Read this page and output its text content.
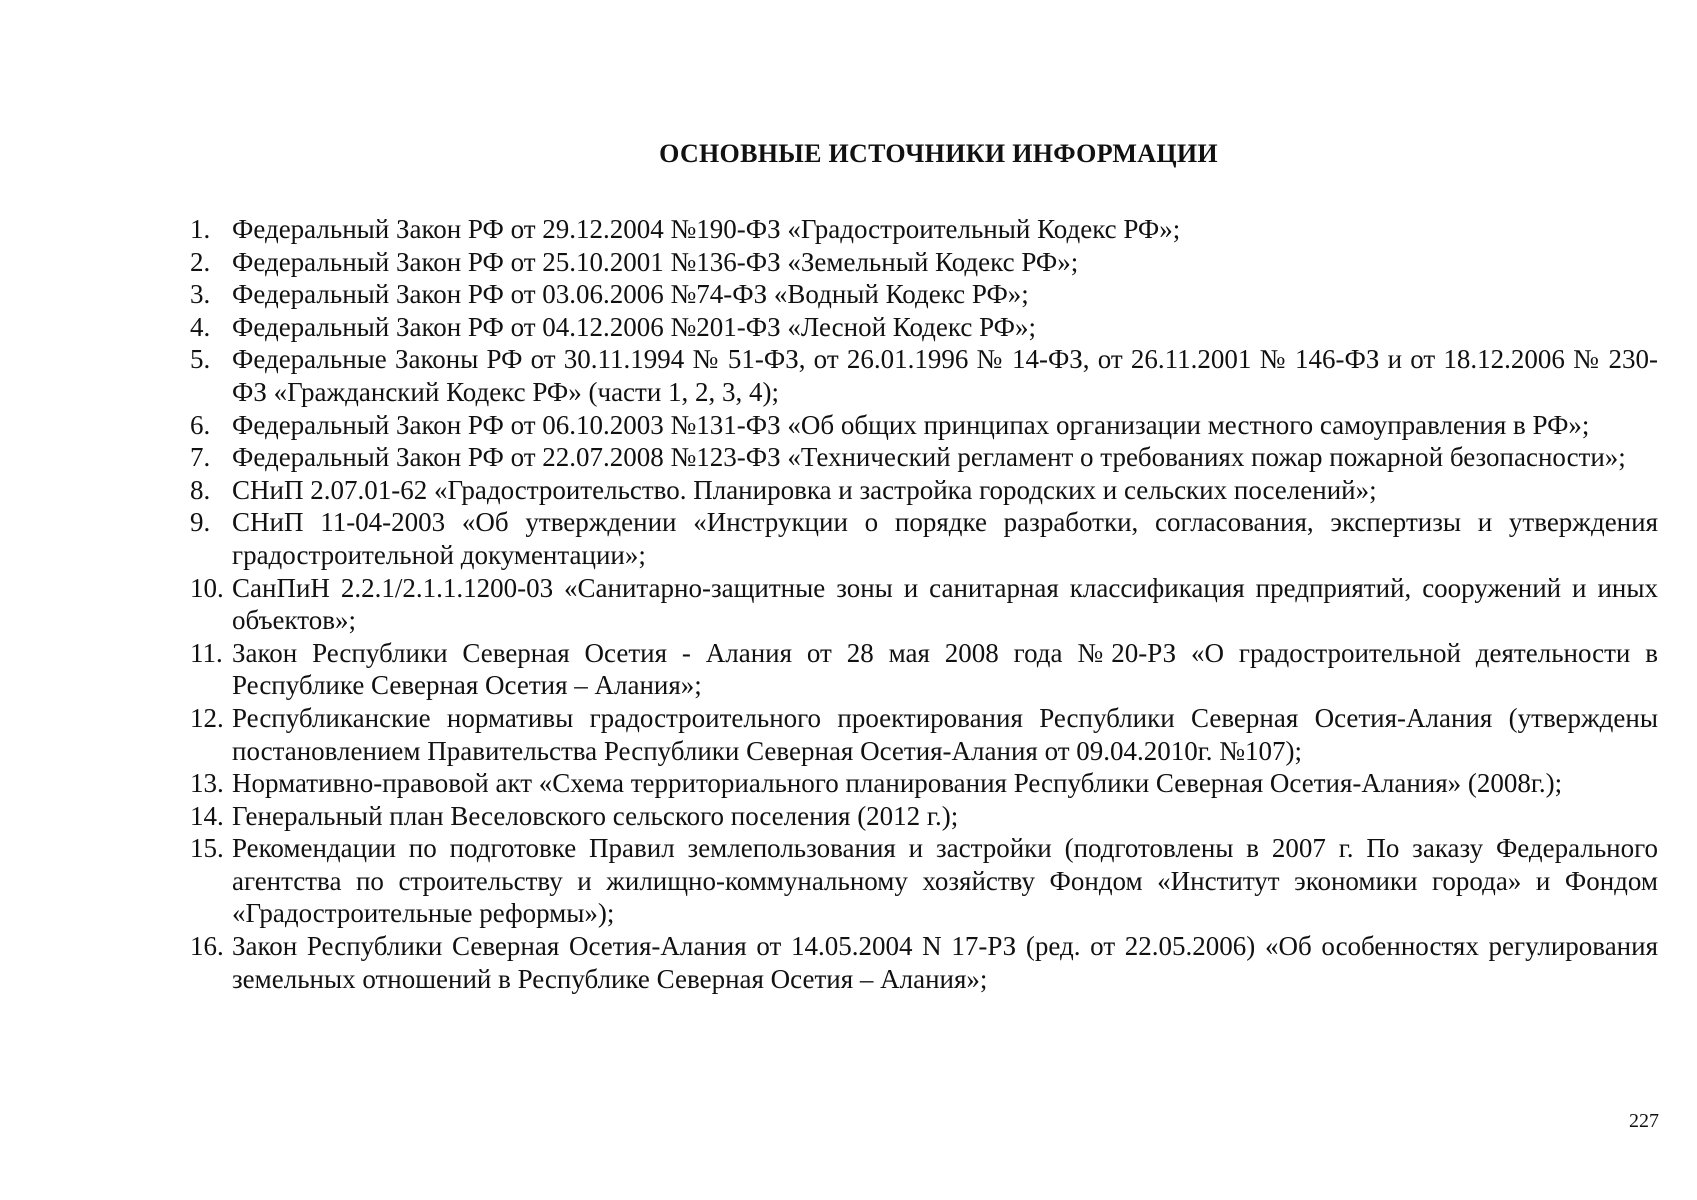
ОСНОВНЫЕ ИСТОЧНИКИ ИНФОРМАЦИИ
1. Федеральный Закон РФ от 29.12.2004 №190-ФЗ «Градостроительный Кодекс РФ»;
2. Федеральный Закон РФ от 25.10.2001 №136-ФЗ «Земельный Кодекс РФ»;
3. Федеральный Закон РФ от 03.06.2006 №74-ФЗ «Водный Кодекс РФ»;
4. Федеральный Закон РФ от 04.12.2006 №201-ФЗ «Лесной Кодекс РФ»;
5. Федеральные Законы РФ от 30.11.1994 № 51-ФЗ, от 26.01.1996 № 14-ФЗ, от 26.11.2001 № 146-ФЗ и от 18.12.2006 № 230-ФЗ «Гражданский Кодекс РФ» (части 1, 2, 3, 4);
6. Федеральный Закон РФ от 06.10.2003 №131-ФЗ «Об общих принципах организации местного самоуправления в РФ»;
7. Федеральный Закон РФ от 22.07.2008 №123-ФЗ «Технический регламент о требованиях пожар пожарной безопасности»;
8. СНиП 2.07.01-62 «Градостроительство. Планировка и застройка городских и сельских поселений»;
9. СНиП 11-04-2003 «Об утверждении «Инструкции о порядке разработки, согласования, экспертизы и утверждения градостроительной документации»;
10. СанПиН 2.2.1/2.1.1.1200-03 «Санитарно-защитные зоны и санитарная классификация предприятий, сооружений и иных объектов»;
11. Закон Республики Северная Осетия - Алания от 28 мая 2008 года №20-РЗ «О градостроительной деятельности в Республике Северная Осетия – Алания»;
12. Республиканские нормативы градостроительного проектирования Республики Северная Осетия-Алания (утверждены постановлением Правительства Республики Северная Осетия-Алания от 09.04.2010г. №107);
13. Нормативно-правовой акт «Схема территориального планирования Республики Северная Осетия-Алания» (2008г.);
14. Генеральный план Веселовского сельского поселения (2012 г.);
15. Рекомендации по подготовке Правил землепользования и застройки (подготовлены в 2007 г. По заказу Федерального агентства по строительству и жилищно-коммунальному хозяйству Фондом «Институт экономики города» и Фондом «Градостроительные реформы»);
16. Закон Республики Северная Осетия-Алания от 14.05.2004 N 17-РЗ (ред. от 22.05.2006) «Об особенностях регулирования земельных отношений в Республике Северная Осетия – Алания»;
227
